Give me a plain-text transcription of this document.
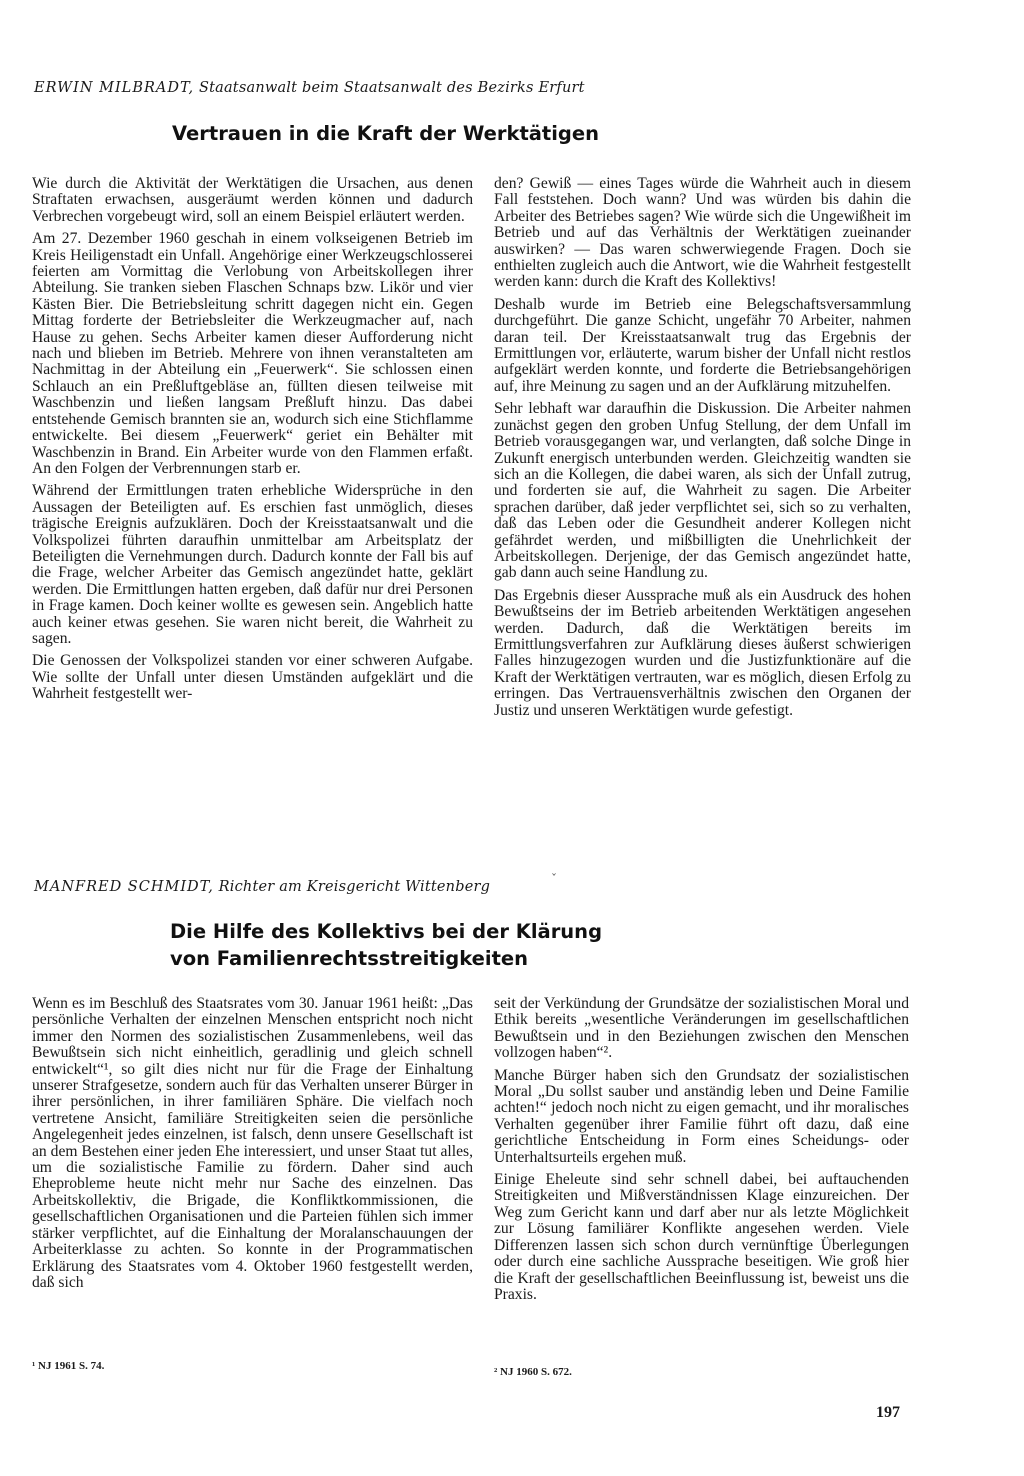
ERWIN MILBRADT, Staatsanwalt beim Staatsanwalt des Bezirks Erfurt
Vertrauen in die Kraft der Werktätigen

Wie durch die Aktivität der Werktätigen die Ursachen, aus denen Straftaten erwachsen, ausgeräumt werden können und dadurch Verbrechen vorgebeugt wird, soll an einem Beispiel erläutert werden.

Am 27. Dezember 1960 geschah in einem volkseigenen Betrieb im Kreis Heiligenstadt ein Unfall. Angehörige einer Werkzeugschlosserei feierten am Vormittag die Verlobung von Arbeitskollegen ihrer Abteilung. Sie tranken sieben Flaschen Schnaps bzw. Likör und vier Kästen Bier. Die Betriebsleitung schritt dagegen nicht ein. Gegen Mittag forderte der Betriebsleiter die Werkzeugmacher auf, nach Hause zu gehen. Sechs Arbeiter kamen dieser Aufforderung nicht nach und blieben im Betrieb. Mehrere von ihnen veranstalteten am Nachmittag in der Abteilung ein „Feuerwerk“. Sie schlossen einen Schlauch an ein Preßluftgebläse an, füllten diesen teilweise mit Waschbenzin und ließen langsam Preßluft hinzu. Das dabei entstehende Gemisch brannten sie an, wodurch sich eine Stichflamme entwickelte. Bei diesem „Feuerwerk“ geriet ein Behälter mit Waschbenzin in Brand. Ein Arbeiter wurde von den Flammen erfaßt. An den Folgen der Verbrennungen starb er.

Während der Ermittlungen traten erhebliche Widersprüche in den Aussagen der Beteiligten auf. Es erschien fast unmöglich, dieses trägische Ereignis aufzuklären. Doch der Kreisstaatsanwalt und die Volkspolizei führten daraufhin unmittelbar am Arbeitsplatz der Beteiligten die Vernehmungen durch. Dadurch konnte der Fall bis auf die Frage, welcher Arbeiter das Gemisch angezündet hatte, geklärt werden. Die Ermittlungen hatten ergeben, daß dafür nur drei Personen in Frage kamen. Doch keiner wollte es gewesen sein. Angeblich hatte auch keiner etwas gesehen. Sie waren nicht bereit, die Wahrheit zu sagen.

Die Genossen der Volkspolizei standen vor einer schweren Aufgabe. Wie sollte der Unfall unter diesen Umständen aufgeklärt und die Wahrheit festgestellt wer-

den? Gewiß — eines Tages würde die Wahrheit auch in diesem Fall feststehen. Doch wann? Und was würden bis dahin die Arbeiter des Betriebes sagen? Wie würde sich die Ungewißheit im Betrieb und auf das Verhältnis der Werktätigen zueinander auswirken? — Das waren schwerwiegende Fragen. Doch sie enthielten zugleich auch die Antwort, wie die Wahrheit festgestellt werden kann: durch die Kraft des Kollektivs!

Deshalb wurde im Betrieb eine Belegschaftsversammlung durchgeführt. Die ganze Schicht, ungefähr 70 Arbeiter, nahmen daran teil. Der Kreisstaatsanwalt trug das Ergebnis der Ermittlungen vor, erläuterte, warum bisher der Unfall nicht restlos aufgeklärt werden konnte, und forderte die Betriebsangehörigen auf, ihre Meinung zu sagen und an der Aufklärung mitzuhelfen.

Sehr lebhaft war daraufhin die Diskussion. Die Arbeiter nahmen zunächst gegen den groben Unfug Stellung, der dem Unfall im Betrieb vorausgegangen war, und verlangten, daß solche Dinge in Zukunft energisch unterbunden werden. Gleichzeitig wandten sie sich an die Kollegen, die dabei waren, als sich der Unfall zutrug, und forderten sie auf, die Wahrheit zu sagen. Die Arbeiter sprachen darüber, daß jeder verpflichtet sei, sich so zu verhalten, daß das Leben oder die Gesundheit anderer Kollegen nicht gefährdet werden, und mißbilligten die Unehrlichkeit der Arbeitskollegen. Derjenige, der das Gemisch angezündet hatte, gab dann auch seine Handlung zu.

Das Ergebnis dieser Aussprache muß als ein Ausdruck des hohen Bewußtseins der im Betrieb arbeitenden Werktätigen angesehen werden. Dadurch, daß die Werktätigen bereits im Ermittlungsverfahren zur Aufklärung dieses äußerst schwierigen Falles hinzugezogen wurden und die Justizfunktionäre auf die Kraft der Werktätigen vertrauten, war es möglich, diesen Erfolg zu erringen. Das Vertrauensverhältnis zwischen den Organen der Justiz und unseren Werktätigen wurde gefestigt.

MANFRED SCHMIDT, Richter am Kreisgericht Wittenberg	ˇ
Die Hilfe des Kollektivs bei der Klärung
von Familienrechtsstreitigkeiten

Wenn es im Beschluß des Staatsrates vom 30. Januar 1961 heißt: „Das persönliche Verhalten der einzelnen Menschen entspricht noch nicht immer den Normen des sozialistischen Zusammenlebens, weil das Bewußtsein sich nicht einheitlich, geradlinig und gleich schnell entwickelt“¹, so gilt dies nicht nur für die Frage der Einhaltung unserer Strafgesetze, sondern auch für das Verhalten unserer Bürger in ihrer persönlichen, in ihrer familiären Sphäre. Die vielfach noch vertretene Ansicht, familiäre Streitigkeiten seien die persönliche Angelegenheit jedes einzelnen, ist falsch, denn unsere Gesellschaft ist an dem Bestehen einer jeden Ehe interessiert, und unser Staat tut alles, um die sozialistische Familie zu fördern. Daher sind auch Eheprobleme heute nicht mehr nur Sache des einzelnen. Das Arbeitskollektiv, die Brigade, die Konfliktkommissionen, die gesellschaftlichen Organisationen und die Parteien fühlen sich immer stärker verpflichtet, auf die Einhaltung der Moralanschauungen der Arbeiterklasse zu achten. So konnte in der Programmatischen Erklärung des Staatsrates vom 4. Oktober 1960 festgestellt werden, daß sich

seit der Verkündung der Grundsätze der sozialistischen Moral und Ethik bereits „wesentliche Veränderungen im gesellschaftlichen Bewußtsein und in den Beziehungen zwischen den Menschen vollzogen haben“².

Manche Bürger haben sich den Grundsatz der sozialistischen Moral „Du sollst sauber und anständig leben und Deine Familie achten!“ jedoch noch nicht zu eigen gemacht, und ihr moralisches Verhalten gegenüber ihrer Familie führt oft dazu, daß eine gerichtliche Entscheidung in Form eines Scheidungs- oder Unterhaltsurteils ergehen muß.

Einige Eheleute sind sehr schnell dabei, bei auftauchenden Streitigkeiten und Mißverständnissen Klage einzureichen. Der Weg zum Gericht kann und darf aber nur als letzte Möglichkeit zur Lösung familiärer Konflikte angesehen werden. Viele Differenzen lassen sich schon durch vernünftige Überlegungen oder durch eine sachliche Aussprache beseitigen. Wie groß hier die Kraft der gesellschaftlichen Beeinflussung ist, beweist uns die Praxis.

¹ NJ 1961 S. 74.	² NJ 1960 S. 672.
197
